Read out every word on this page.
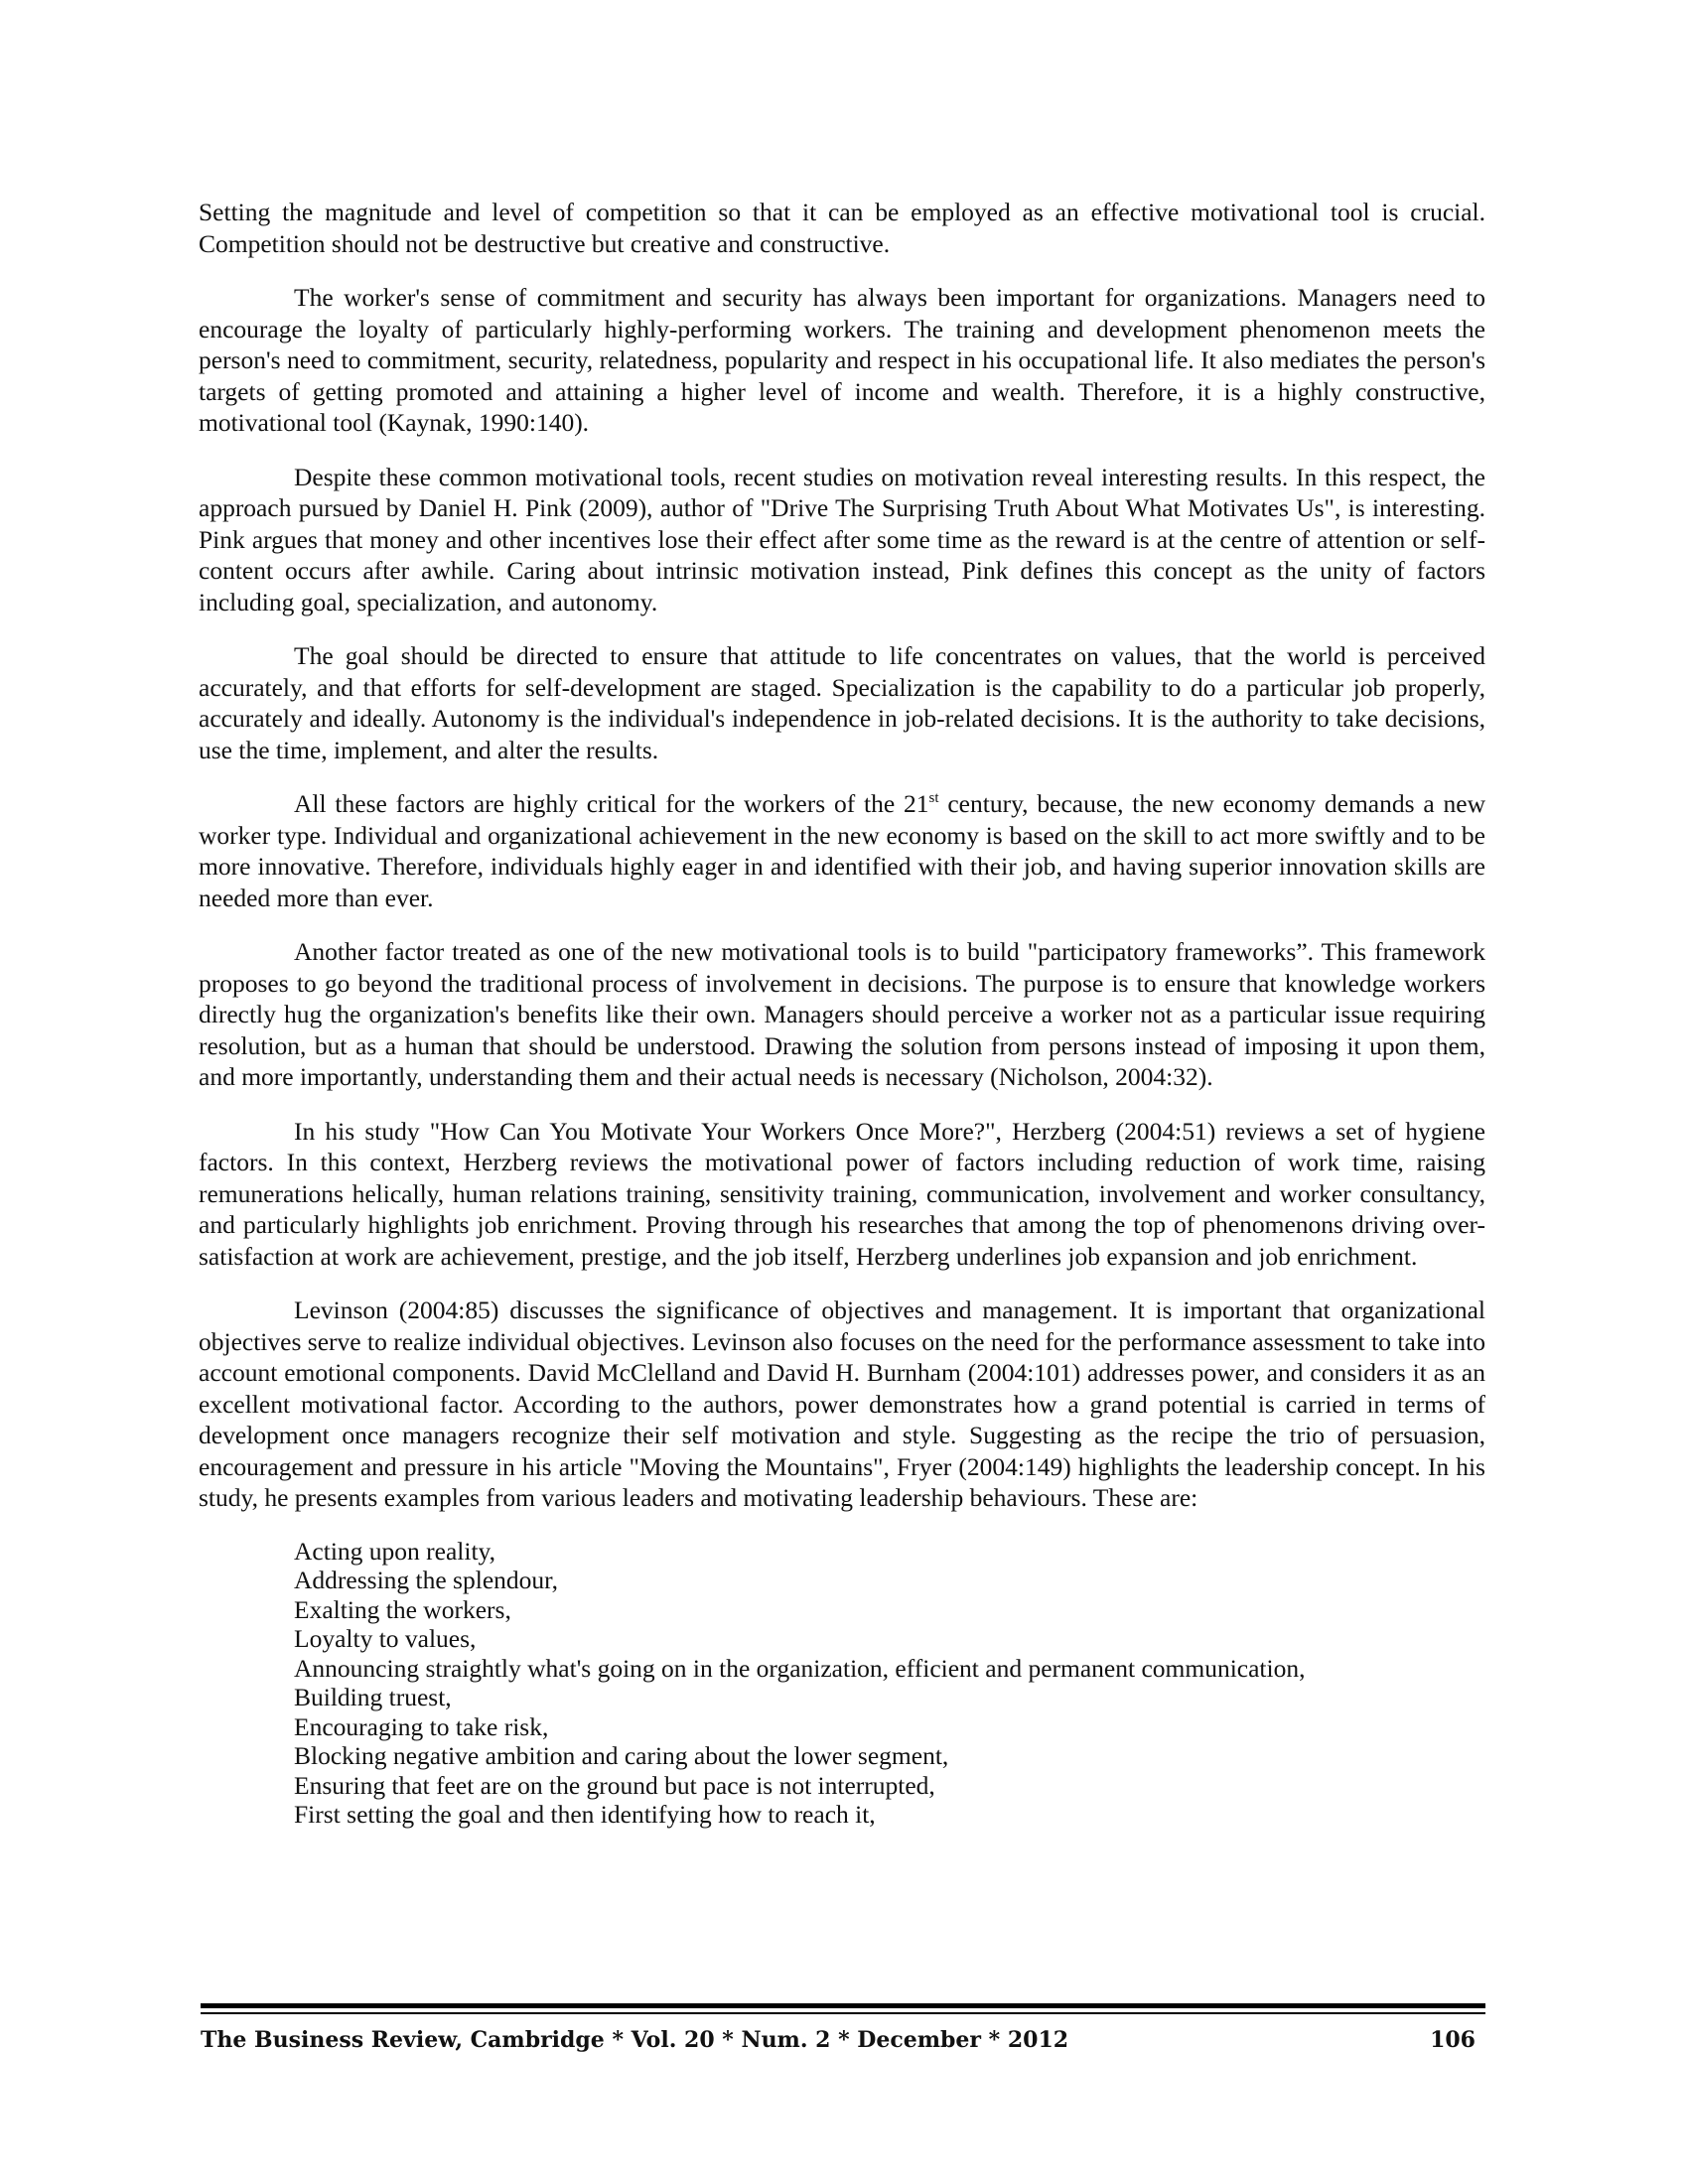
Setting the magnitude and level of competition so that it can be employed as an effective motivational tool is crucial. Competition should not be destructive but creative and constructive.

The worker's sense of commitment and security has always been important for organizations. Managers need to encourage the loyalty of particularly highly-performing workers. The training and development phenomenon meets the person's need to commitment, security, relatedness, popularity and respect in his occupational life. It also mediates the person's targets of getting promoted and attaining a higher level of income and wealth. Therefore, it is a highly constructive, motivational tool (Kaynak, 1990:140).

Despite these common motivational tools, recent studies on motivation reveal interesting results. In this respect, the approach pursued by Daniel H. Pink (2009), author of "Drive The Surprising Truth About What Motivates Us", is interesting. Pink argues that money and other incentives lose their effect after some time as the reward is at the centre of attention or self-content occurs after awhile. Caring about intrinsic motivation instead, Pink defines this concept as the unity of factors including goal, specialization, and autonomy.

The goal should be directed to ensure that attitude to life concentrates on values, that the world is perceived accurately, and that efforts for self-development are staged. Specialization is the capability to do a particular job properly, accurately and ideally. Autonomy is the individual's independence in job-related decisions. It is the authority to take decisions, use the time, implement, and alter the results.

All these factors are highly critical for the workers of the 21st century, because, the new economy demands a new worker type. Individual and organizational achievement in the new economy is based on the skill to act more swiftly and to be more innovative. Therefore, individuals highly eager in and identified with their job, and having superior innovation skills are needed more than ever.

Another factor treated as one of the new motivational tools is to build "participatory frameworks”. This framework proposes to go beyond the traditional process of involvement in decisions. The purpose is to ensure that knowledge workers directly hug the organization's benefits like their own. Managers should perceive a worker not as a particular issue requiring resolution, but as a human that should be understood. Drawing the solution from persons instead of imposing it upon them, and more importantly, understanding them and their actual needs is necessary (Nicholson, 2004:32).

In his study "How Can You Motivate Your Workers Once More?", Herzberg (2004:51) reviews a set of hygiene factors. In this context, Herzberg reviews the motivational power of factors including reduction of work time, raising remunerations helically, human relations training, sensitivity training, communication, involvement and worker consultancy, and particularly highlights job enrichment. Proving through his researches that among the top of phenomenons driving over-satisfaction at work are achievement, prestige, and the job itself, Herzberg underlines job expansion and job enrichment.

Levinson (2004:85) discusses the significance of objectives and management. It is important that organizational objectives serve to realize individual objectives. Levinson also focuses on the need for the performance assessment to take into account emotional components. David McClelland and David H. Burnham (2004:101) addresses power, and considers it as an excellent motivational factor. According to the authors, power demonstrates how a grand potential is carried in terms of development once managers recognize their self motivation and style. Suggesting as the recipe the trio of persuasion, encouragement and pressure in his article "Moving the Mountains", Fryer (2004:149) highlights the leadership concept. In his study, he presents examples from various leaders and motivating leadership behaviours. These are:

Acting upon reality,
Addressing the splendour,
Exalting the workers,
Loyalty to values,
Announcing straightly what's going on in the organization, efficient and permanent communication,
Building truest,
Encouraging to take risk,
Blocking negative ambition and caring about the lower segment,
Ensuring that feet are on the ground but pace is not interrupted,
First setting the goal and then identifying how to reach it,
The Business Review, Cambridge * Vol. 20 * Num. 2 * December * 2012	106
